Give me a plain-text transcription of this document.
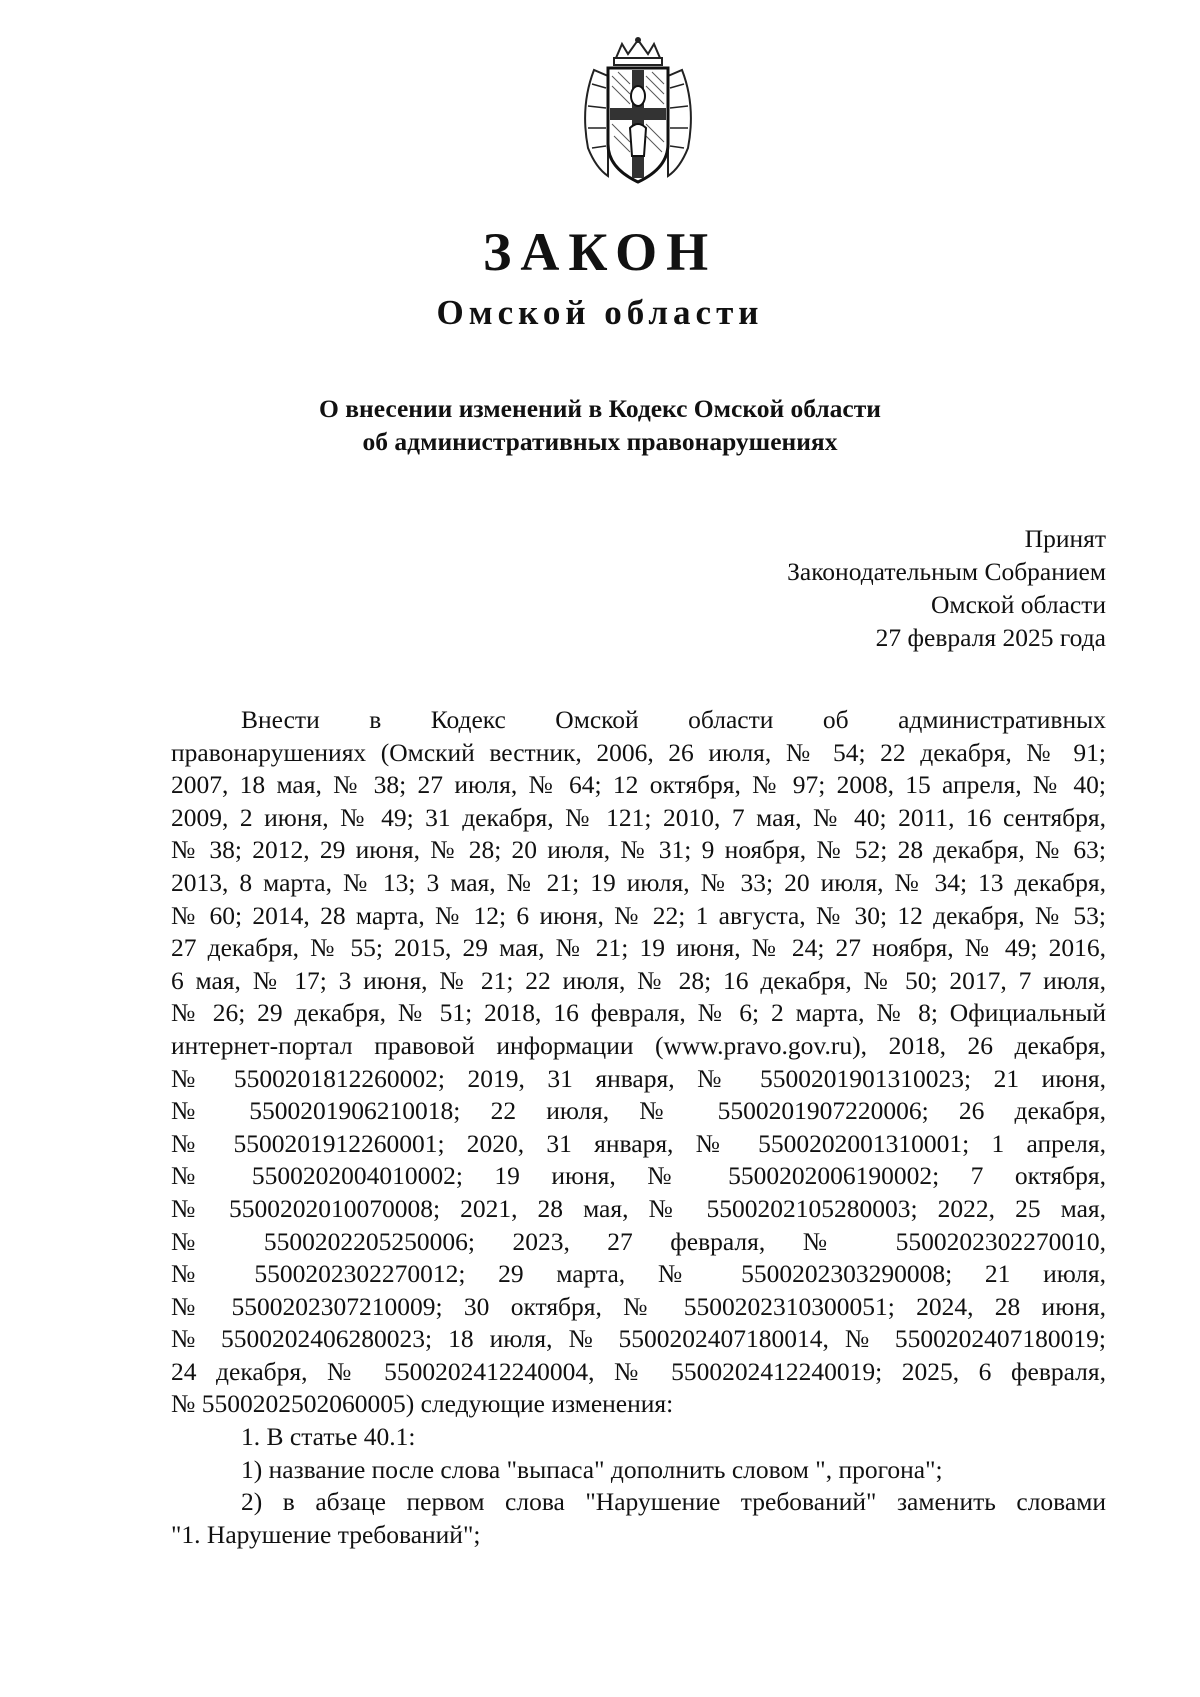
ЗАКОН
Омской области
О внесении изменений в Кодекс Омской области
об административных правонарушениях
Принят
Законодательным Собранием
Омской области
27 февраля 2025 года
Внести в Кодекс Омской области об административных
правонарушениях (Омский вестник, 2006, 26 июля, № 54; 22 декабря, № 91;
2007, 18 мая, № 38; 27 июля, № 64; 12 октября, № 97; 2008, 15 апреля, № 40;
2009, 2 июня, № 49; 31 декабря, № 121; 2010, 7 мая, № 40; 2011, 16 сентября,
№ 38; 2012, 29 июня, № 28; 20 июля, № 31; 9 ноября, № 52; 28 декабря, № 63;
2013, 8 марта, № 13; 3 мая, № 21; 19 июля, № 33; 20 июля, № 34; 13 декабря,
№ 60; 2014, 28 марта, № 12; 6 июня, № 22; 1 августа, № 30; 12 декабря, № 53;
27 декабря, № 55; 2015, 29 мая, № 21; 19 июня, № 24; 27 ноября, № 49; 2016,
6 мая, № 17; 3 июня, № 21; 22 июля, № 28; 16 декабря, № 50; 2017, 7 июля,
№ 26; 29 декабря, № 51; 2018, 16 февраля, № 6; 2 марта, № 8; Официальный
интернет-портал правовой информации (www.pravo.gov.ru), 2018, 26 декабря,
№ 5500201812260002; 2019, 31 января, № 5500201901310023; 21 июня,
№ 5500201906210018; 22 июля, № 5500201907220006; 26 декабря,
№ 5500201912260001; 2020, 31 января, № 5500202001310001; 1 апреля,
№ 5500202004010002; 19 июня, № 5500202006190002; 7 октября,
№ 5500202010070008; 2021, 28 мая, № 5500202105280003; 2022, 25 мая,
№ 5500202205250006; 2023, 27 февраля, № 5500202302270010,
№ 5500202302270012; 29 марта, № 5500202303290008; 21 июля,
№ 5500202307210009; 30 октября, № 5500202310300051; 2024, 28 июня,
№ 5500202406280023; 18 июля, № 5500202407180014, № 5500202407180019;
24 декабря, № 5500202412240004, № 5500202412240019; 2025, 6 февраля,
№ 5500202502060005) следующие изменения:
1. В статье 40.1:
1) название после слова "выпаса" дополнить словом ", прогона";
2) в абзаце первом слова "Нарушение требований" заменить словами
"1. Нарушение требований";
